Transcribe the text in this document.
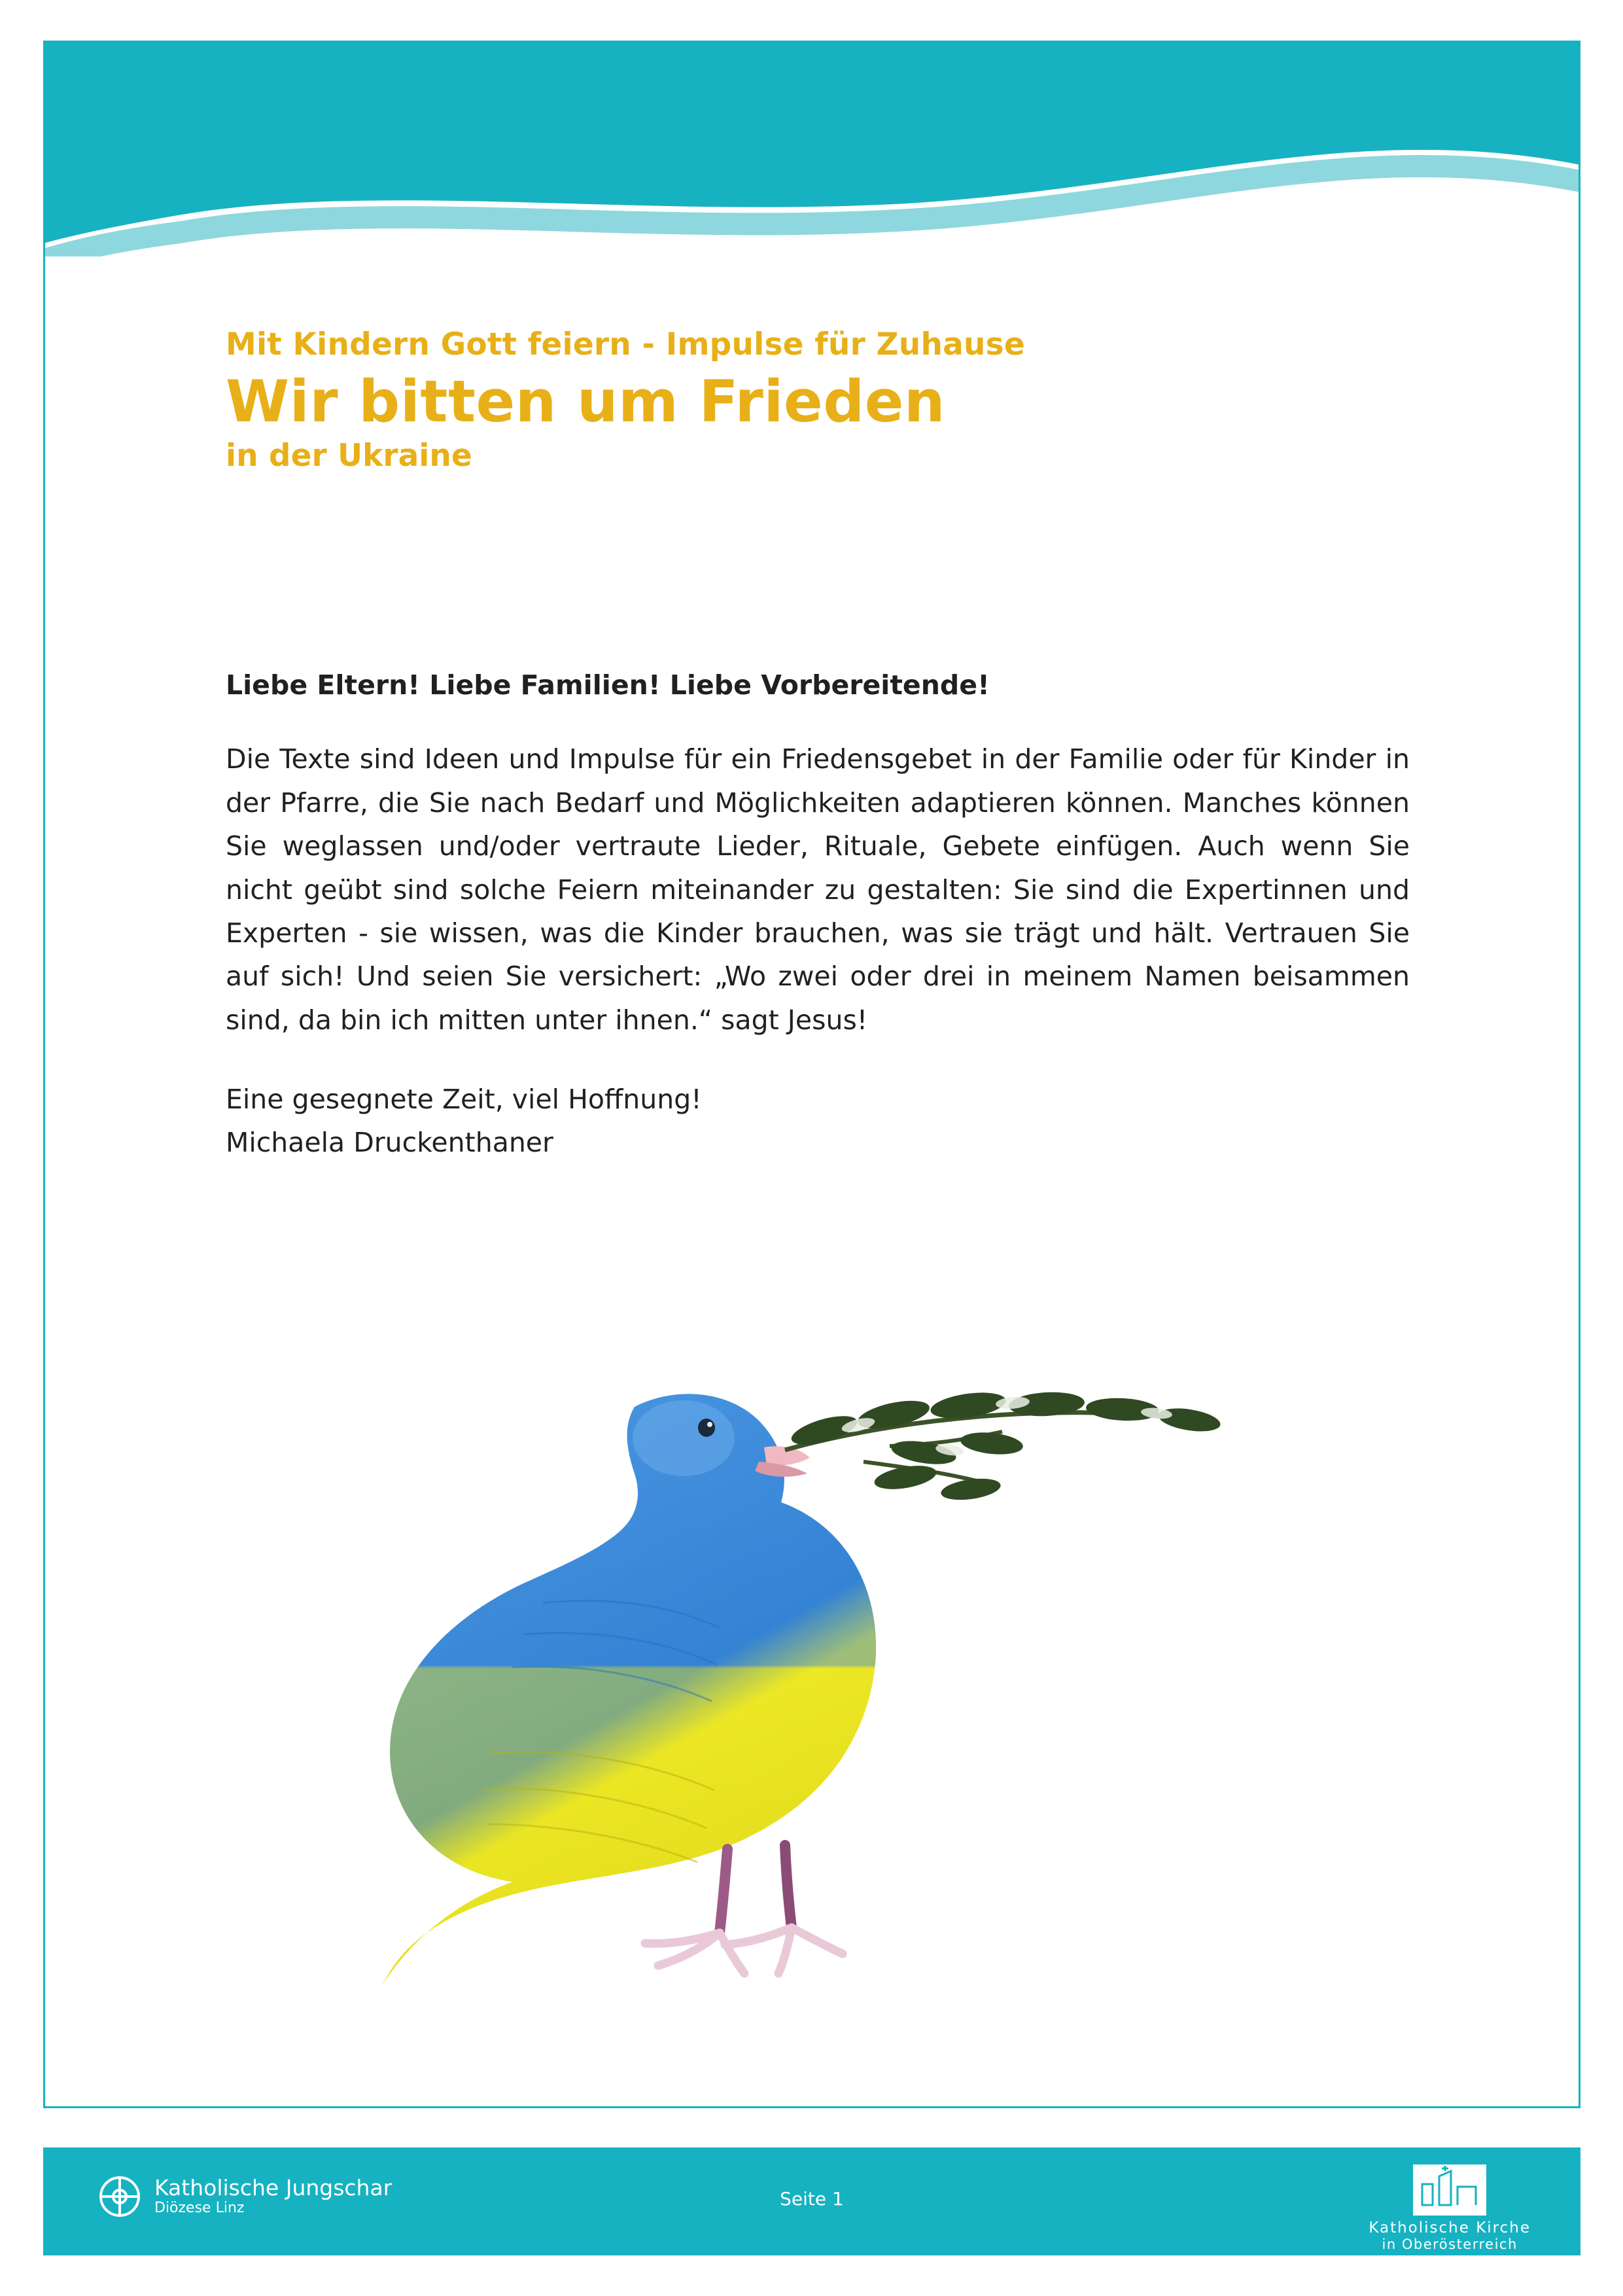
Mit Kindern Gott feiern - Impulse für Zuhause
Wir bitten um Frieden
in der Ukraine

Liebe Eltern! Liebe Familien! Liebe Vorbereitende!

Die Texte sind Ideen und Impulse für ein Friedensgebet in der Familie oder für Kinder in der Pfarre, die Sie nach Bedarf und Möglichkeiten adaptieren können. Manches können Sie weglassen und/oder vertraute Lieder, Rituale, Gebete einfügen. Auch wenn Sie nicht geübt sind solche Feiern miteinander zu gestalten: Sie sind die Expertinnen und Experten - sie wissen, was die Kinder brauchen, was sie trägt und hält. Vertrauen Sie auf sich! Und seien Sie versichert: „Wo zwei oder drei in meinem Namen beisammen sind, da bin ich mitten unter ihnen.“ sagt Jesus!

Eine gesegnete Zeit, viel Hoffnung!
Michaela Druckenthaner
Katholische Jungschar
Diözese Linz	Seite 1
Katholische Kirche
in Oberösterreich
